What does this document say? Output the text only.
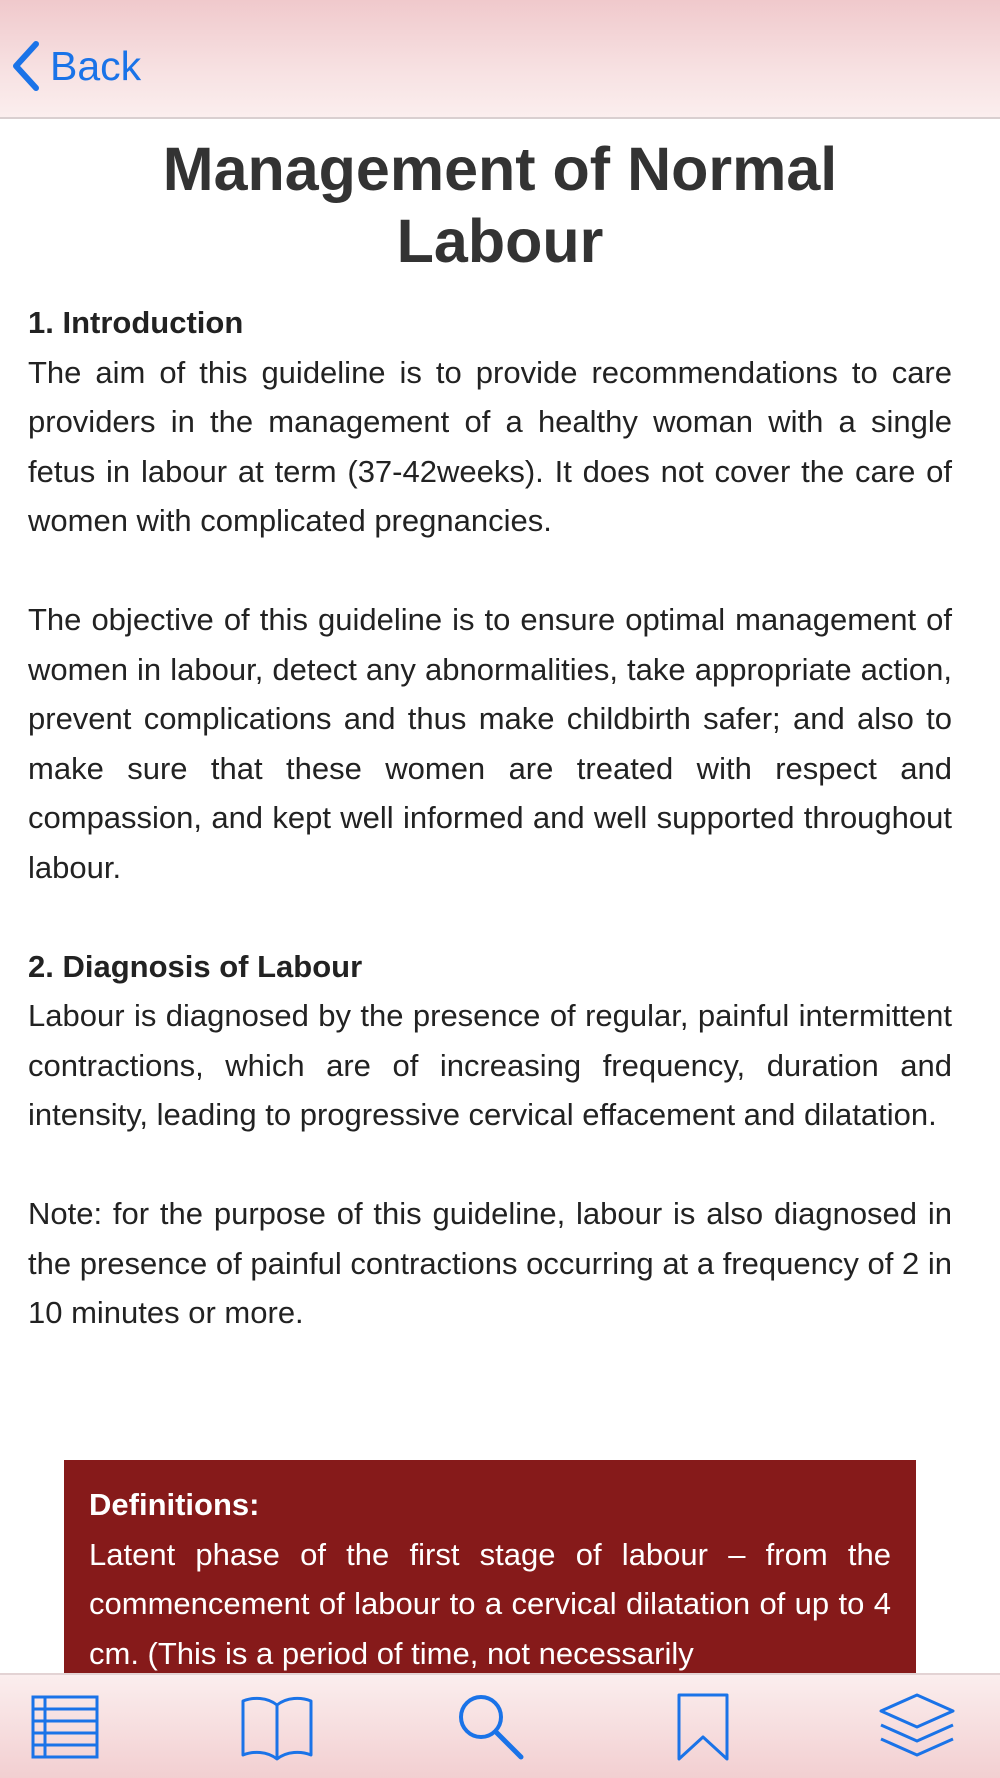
Back
Management of Normal Labour
1. Introduction
The aim of this guideline is to provide recommendations to care providers in the management of a healthy woman with a single fetus in labour at term (37-42weeks). It does not cover the care of women with complicated pregnancies.
The objective of this guideline is to ensure optimal management of women in labour, detect any abnormalities, take appropriate action, prevent complications and thus make childbirth safer; and also to make sure that these women are treated with respect and compassion, and kept well informed and well supported throughout labour.
2. Diagnosis of Labour
Labour is diagnosed by the presence of regular, painful intermittent contractions, which are of increasing frequency, duration and intensity, leading to progressive cervical effacement and dilatation.
Note: for the purpose of this guideline, labour is also diagnosed in the presence of painful contractions occurring at a frequency of 2 in 10 minutes or more.
Definitions:
Latent phase of the first stage of labour – from the commencement of labour to a cervical dilatation of up to 4 cm. (This is a period of time, not necessarily
